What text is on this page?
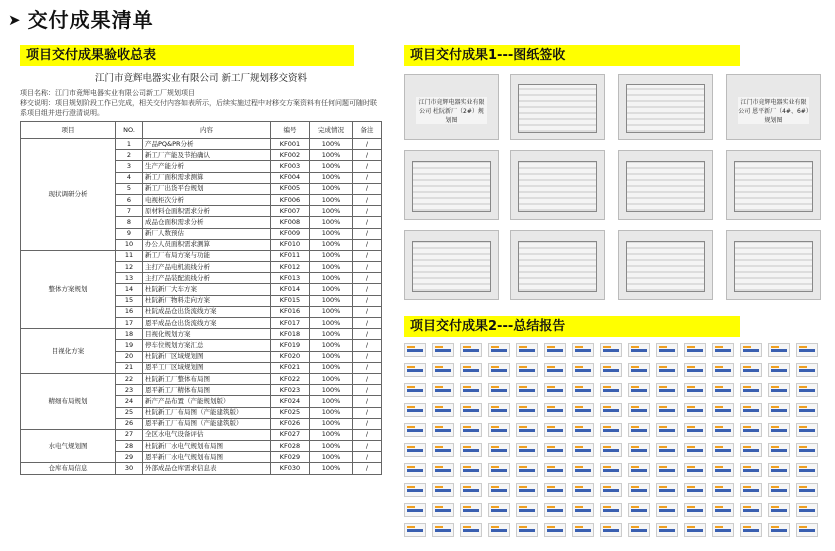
➤ 交付成果清单
项目交付成果验收总表	项目交付成果1---图纸签收
项目交付成果2---总结报告
江门市竟辉电器实业有限公司 新工厂规划移交资料
项目名称：江门市竟辉电器实业有限公司新工厂规划项目
移交说明：项目规划阶段工作已完成，相关交付内容如表所示，后续实施过程中对移交方案资料有任何问题可随时联系项目组并进行澄清说明。
项目	NO.	内容	编号	完成情况	备注
现状调研分析	1	产品PQ&PR分析	KF001	100%	/
	2	新工厂产能及节拍确认	KF002	100%	/
	3	生产产能分析	KF003	100%	/
	4	新工厂面积需求测算	KF004	100%	/
	5	新工厂出货平台规划	KF005	100%	/
	6	电视柜次分析	KF006	100%	/
	7	原材料仓面积需求分析	KF007	100%	/
	8	成品仓面积需求分析	KF008	100%	/
	9	新厂人数预估	KF009	100%	/
	10	办公人员面积需求测算	KF010	100%	/
整体方案规划	11	新工厂布局方案与功能	KF011	100%	/
	12	主打产品电机流线分析	KF012	100%	/
	13	主打产品装配流线分析	KF013	100%	/
	14	杜阮新厂大车方案	KF014	100%	/
	15	杜阮新厂物料走向方案	KF015	100%	/
	16	杜阮成品仓出货流线方案	KF016	100%	/
	17	恩平成品仓出货流线方案	KF017	100%	/
目视化方案	18	目视化规划方案	KF018	100%	/
	19	停车位规划方案汇总	KF019	100%	/
	20	杜阮新厂区域规划图	KF020	100%	/
	21	恩平工厂区域规划图	KF021	100%	/
精细布局规划	22	杜阮新工厂整体布局图	KF022	100%	/
	23	恩平新工厂精体布局图	KF023	100%	/
	24	新产产品布置（产能规划版）	KF024	100%	/
	25	杜阮新工厂布局图（产能建筑版）	KF025	100%	/
	26	恩平新工厂布局图（产能建筑版）	KF026	100%	/
水电气规划图	27	全区水电气设备评估	KF027	100%	/
	28	杜阮新厂水电气规划布局图	KF028	100%	/
	29	恩平新厂水电气规划布局图	KF029	100%	/
仓库布局信息	30	外部成品仓库需求信息表	KF030	100%	/
江门市竟辉电器实业有限公司 杜阮新厂（2#）规划图
江门市竟辉电器实业有限公司 恩平新厂（4#、6#）规划图
